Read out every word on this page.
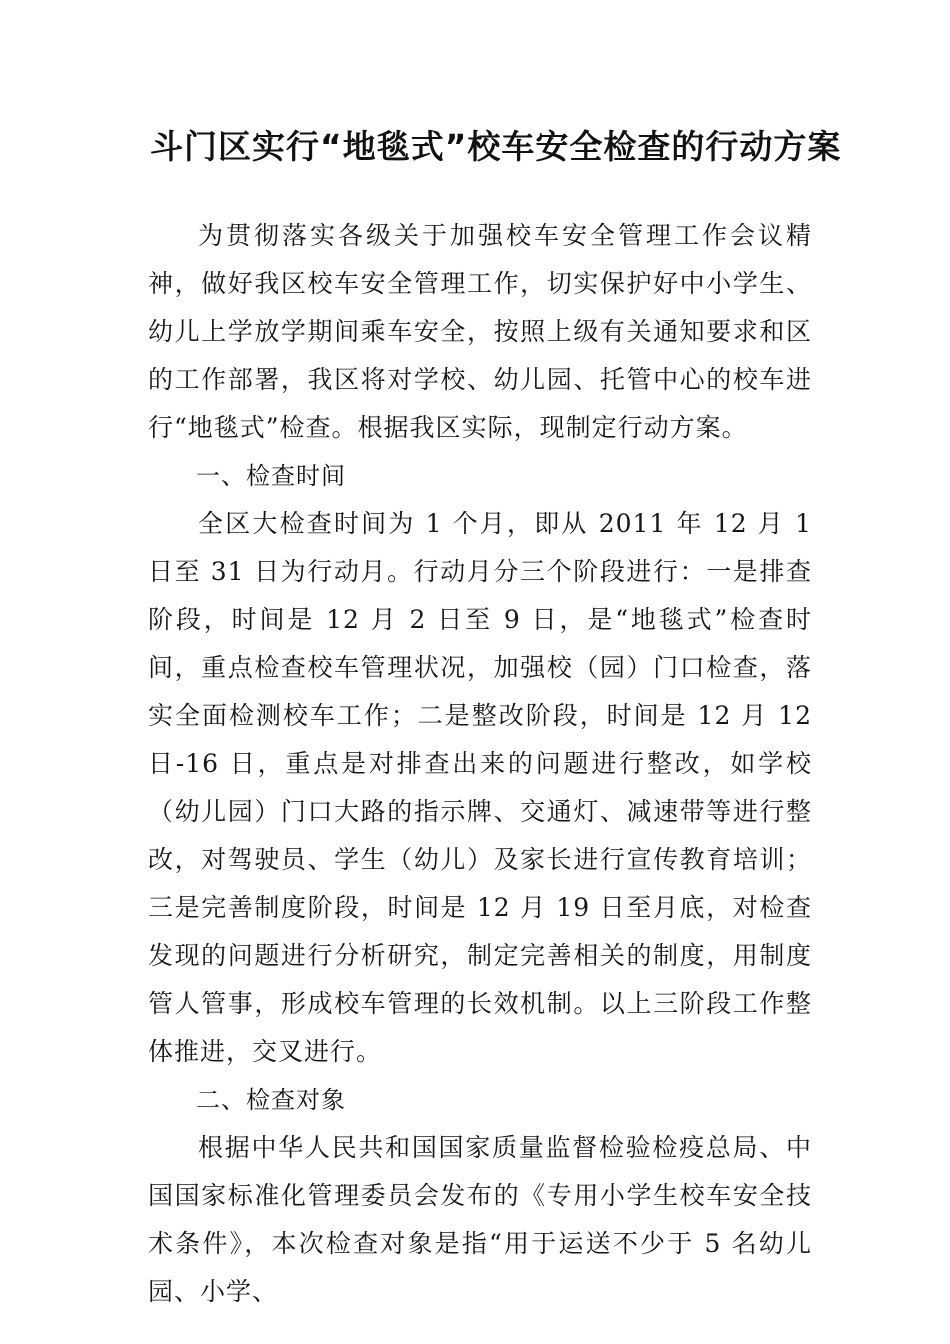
斗门区实行“地毯式”校车安全检查的行动方案

为贯彻落实各级关于加强校车安全管理工作会议精神，做好我区校车安全管理工作，切实保护好中小学生、幼儿上学放学期间乘车安全，按照上级有关通知要求和区的工作部署，我区将对学校、幼儿园、托管中心的校车进行“地毯式”检查。根据我区实际，现制定行动方案。

一、检查时间

全区大检查时间为 1 个月，即从 2011 年 12 月 1 日至 31 日为行动月。行动月分三个阶段进行：一是排查阶段，时间是 12 月 2 日至 9 日，是“地毯式”检查时间，重点检查校车管理状况，加强校（园）门口检查，落实全面检测校车工作；二是整改阶段，时间是 12 月 12 日-16 日，重点是对排查出来的问题进行整改，如学校（幼儿园）门口大路的指示牌、交通灯、减速带等进行整改，对驾驶员、学生（幼儿）及家长进行宣传教育培训；三是完善制度阶段，时间是 12 月 19 日至月底，对检查发现的问题进行分析研究，制定完善相关的制度，用制度管人管事，形成校车管理的长效机制。以上三阶段工作整体推进，交叉进行。

二、检查对象

根据中华人民共和国国家质量监督检验检疫总局、中国国家标准化管理委员会发布的《专用小学生校车安全技术条件》，本次检查对象是指“用于运送不少于 5 名幼儿园、小学、
